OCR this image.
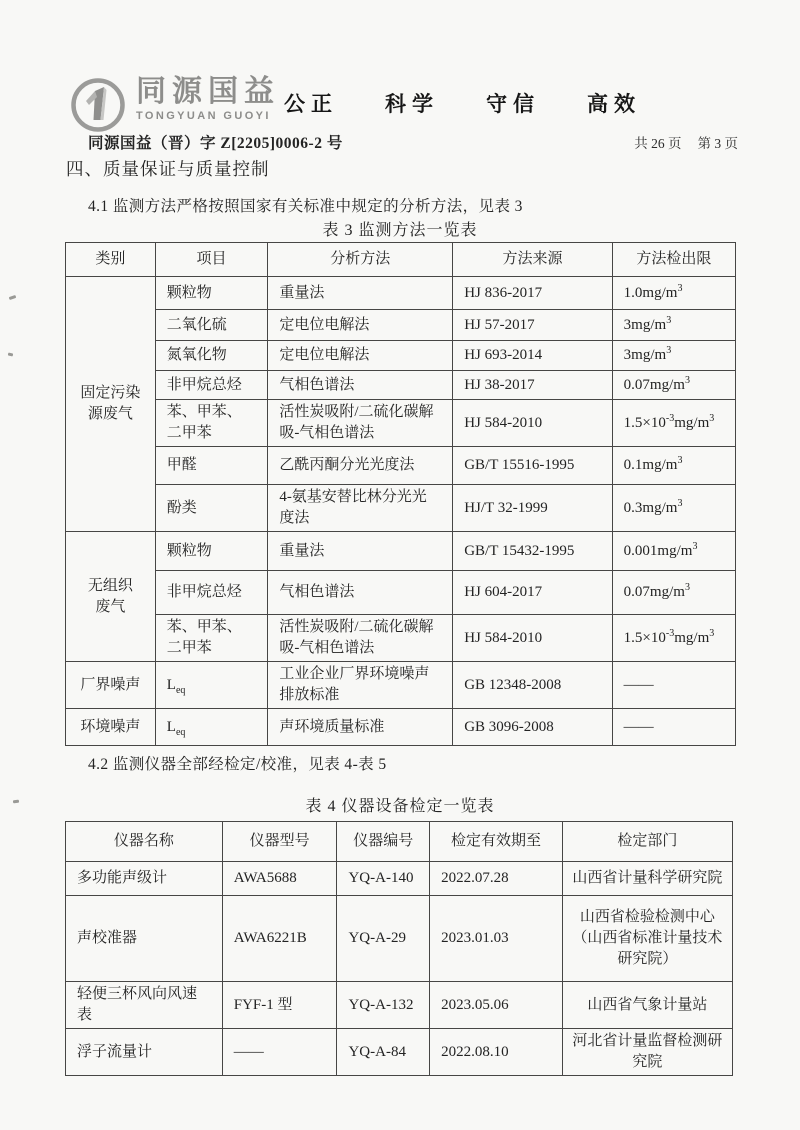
同源国益
TONGYUAN GUOYI 公正 科学 守信 高效
同源国益（晋）字 Z[2205]0006-2 号	共 26 页 第 3 页
四、质量保证与质量控制
4.1 监测方法严格按照国家有关标准中规定的分析方法，见表 3
表 3 监测方法一览表
类别	项目	分析方法	方法来源	方法检出限
固定污染
源废气	颗粒物	重量法	HJ 836-2017	$1.0mg/m^3$
	二氧化硫	定电位电解法	HJ 57-2017	$3mg/m^3$
	氮氧化物	定电位电解法	HJ 693-2014	$3mg/m^3$
	非甲烷总烃	气相色谱法	HJ 38-2017	$0.07mg/m^3$
	苯、甲苯、二甲苯	活性炭吸附/二硫化碳解吸-气相色谱法	HJ 584-2010	$1.5\times 10^{-3}mg/m^3$
	甲醛	乙酰丙酮分光光度法	GB/T 15516-1995	$0.1mg/m^3$
	酚类	4-氨基安替比林分光光度法	HJ/T 32-1999	$0.3mg/m^3$
无组织
废气	颗粒物	重量法	GB/T 15432-1995	$0.001mg/m^3$
	非甲烷总烃	气相色谱法	HJ 604-2017	$0.07mg/m^3$
	苯、甲苯、二甲苯	活性炭吸附/二硫化碳解吸-气相色谱法	HJ 584-2010	$1.5\times 10^{-3}mg/m^3$
厂界噪声	$L_{eq}$	工业企业厂界环境噪声排放标准	GB 12348-2008	——
环境噪声	$L_{eq}$	声环境质量标准	GB 3096-2008	——
4.2 监测仪器全部经检定/校准，见表 4-表 5
表 4 仪器设备检定一览表
仪器名称	仪器型号	仪器编号	检定有效期至	检定部门
多功能声级计	AWA5688	YQ-A-140	2022.07.28	山西省计量科学研究院
声校准器	AWA6221B	YQ-A-29	2023.01.03	山西省检验检测中心（山西省标准计量技术研究院）
轻便三杯风向风速表	FYF-1 型	YQ-A-132	2023.05.06	山西省气象计量站
浮子流量计	——	YQ-A-84	2022.08.10	河北省计量监督检测研究院
